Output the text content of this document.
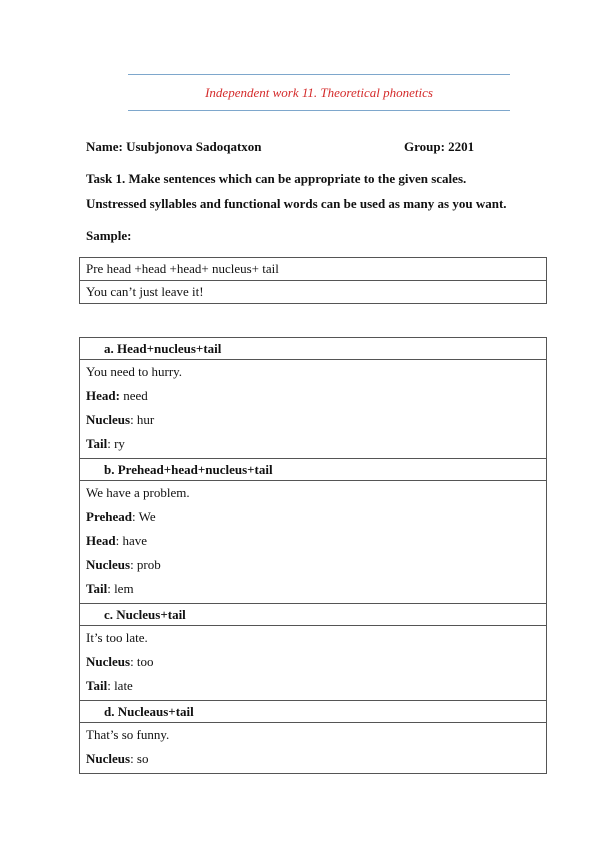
Independent work 11. Theoretical phonetics
Name: Usubjonova Sadoqatxon	Group: 2201
Task 1. Make sentences which can be appropriate to the given scales.
Unstressed syllables and functional words can be used as many as you want.
Sample:
Pre head +head +head+ nucleus+ tail
You can’t just leave it!
a. Head+nucleus+tail

You need to hurry.

Head: need

Nucleus: hur

Tail: ry

b. Prehead+head+nucleus+tail

We have a problem.

Prehead: We

Head: have

Nucleus: prob

Tail: lem

c. Nucleus+tail

It’s too late.

Nucleus: too

Tail: late

d. Nucleaus+tail

That’s so funny.

Nucleus: so
